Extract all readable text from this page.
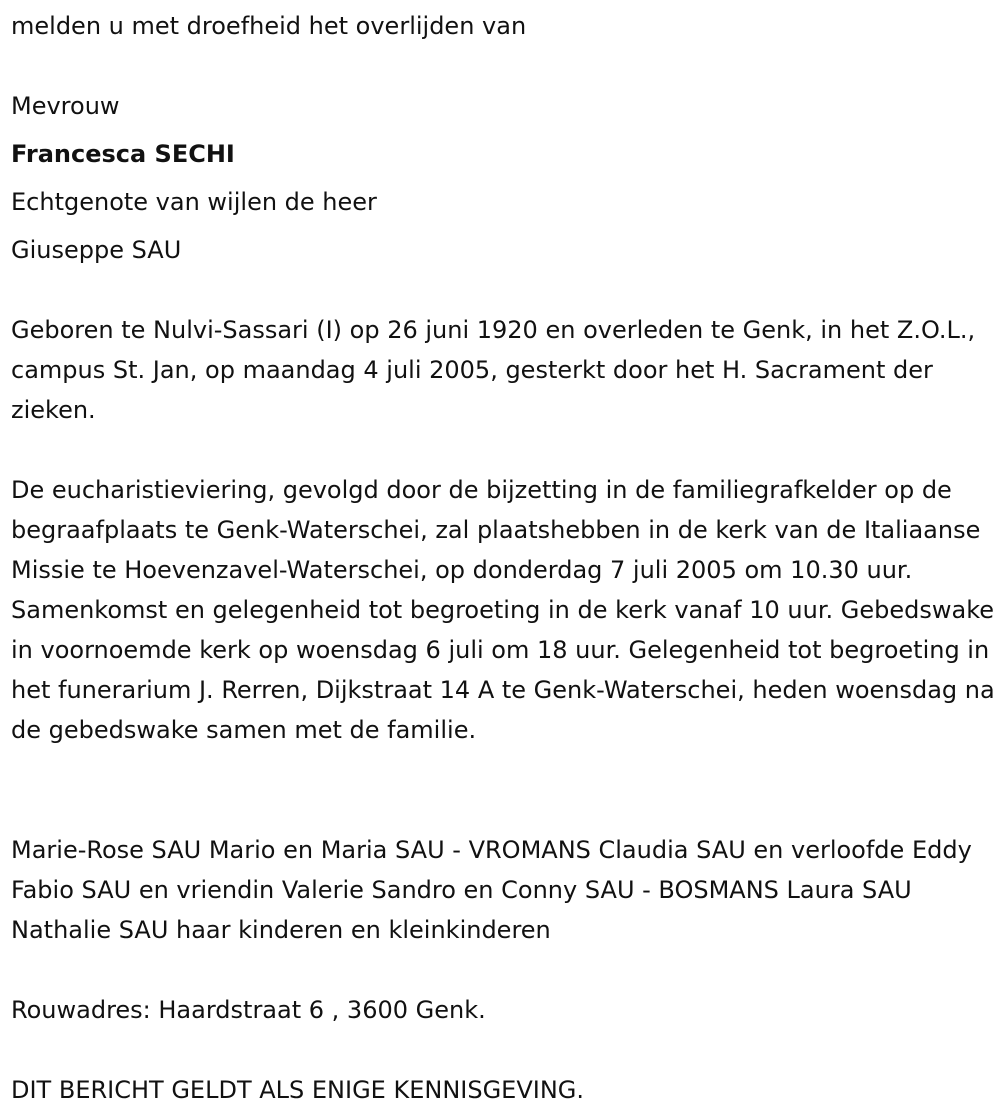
melden u met droefheid het overlijden van
Mevrouw
Francesca SECHI
Echtgenote van wijlen de heer
Giuseppe SAU

Geboren te Nulvi-Sassari (I) op 26 juni 1920 en overleden te Genk, in het Z.O.L., campus St. Jan, op maandag 4 juli 2005, gesterkt door het H. Sacrament der zieken.

De eucharistieviering, gevolgd door de bijzetting in de familiegrafkelder op de begraafplaats te Genk-Waterschei, zal plaatshebben in de kerk van de Italiaanse Missie te Hoevenzavel-Waterschei, op donderdag 7 juli 2005 om 10.30 uur. Samenkomst en gelegenheid tot begroeting in de kerk vanaf 10 uur. Gebedswake in voornoemde kerk op woensdag 6 juli om 18 uur. Gelegenheid tot begroeting in het funerarium J. Rerren, Dijkstraat 14 A te Genk-Waterschei, heden woensdag na de gebedswake samen met de familie.

Marie-Rose SAU Mario en Maria SAU - VROMANS Claudia SAU en verloofde Eddy Fabio SAU en vriendin Valerie Sandro en Conny SAU - BOSMANS Laura SAU Nathalie SAU haar kinderen en kleinkinderen

Rouwadres: Haardstraat 6 , 3600 Genk.
DIT BERICHT GELDT ALS ENIGE KENNISGEVING.
